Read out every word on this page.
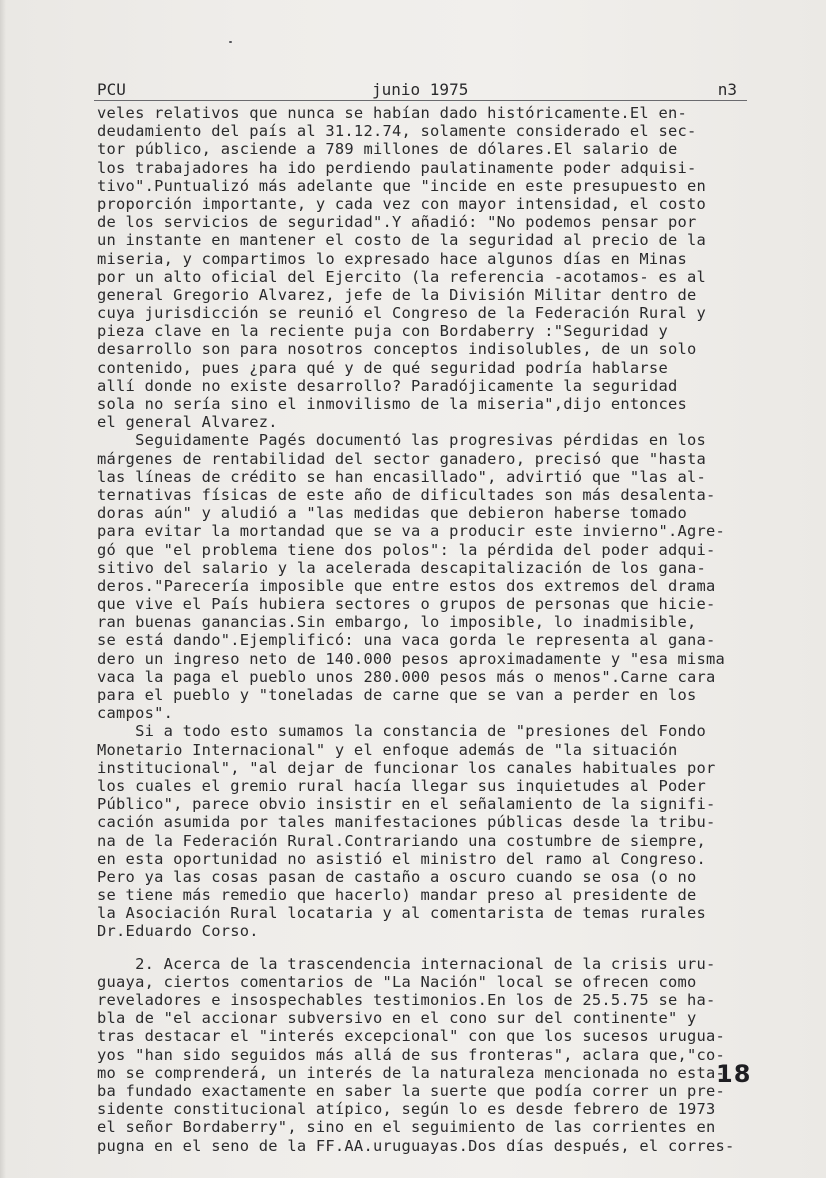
PCU	junio 1975	n3
veles relativos que nunca se habían dado históricamente.El en-
deudamiento del país al 31.12.74, solamente considerado el sec-
tor público, asciende a 789 millones de dólares.El salario de
los trabajadores ha ido perdiendo paulatinamente poder adquisi-
tivo".Puntualizó más adelante que "incide en este presupuesto en
proporción importante, y cada vez con mayor intensidad, el costo
de los servicios de seguridad".Y añadió: "No podemos pensar por
un instante en mantener el costo de la seguridad al precio de la
miseria, y compartimos lo expresado hace algunos días en Minas
por un alto oficial del Ejercito (la referencia -acotamos- es al
general Gregorio Alvarez, jefe de la División Militar dentro de
cuya jurisdicción se reunió el Congreso de la Federación Rural y
pieza clave en la reciente puja con Bordaberry :"Seguridad y
desarrollo son para nosotros conceptos indisolubles, de un solo
contenido, pues ¿para qué y de qué seguridad podría hablarse
allí donde no existe desarrollo? Paradójicamente la seguridad
sola no sería sino el inmovilismo de la miseria",dijo entonces
el general Alvarez.
Seguidamente Pagés documentó las progresivas pérdidas en los
márgenes de rentabilidad del sector ganadero, precisó que "hasta
las líneas de crédito se han encasillado", advirtió que "las al-
ternativas físicas de este año de dificultades son más desalenta-
doras aún" y aludió a "las medidas que debieron haberse tomado
para evitar la mortandad que se va a producir este invierno".Agre-
gó que "el problema tiene dos polos": la pérdida del poder adqui-
sitivo del salario y la acelerada descapitalización de los gana-
deros."Parecería imposible que entre estos dos extremos del drama
que vive el País hubiera sectores o grupos de personas que hicie-
ran buenas ganancias.Sin embargo, lo imposible, lo inadmisible,
se está dando".Ejemplificó: una vaca gorda le representa al gana-
dero un ingreso neto de 140.000 pesos aproximadamente y "esa misma
vaca la paga el pueblo unos 280.000 pesos más o menos".Carne cara
para el pueblo y "toneladas de carne que se van a perder en los
campos".
Si a todo esto sumamos la constancia de "presiones del Fondo
Monetario Internacional" y el enfoque además de "la situación
institucional", "al dejar de funcionar los canales habituales por
los cuales el gremio rural hacía llegar sus inquietudes al Poder
Público", parece obvio insistir en el señalamiento de la signifi-
cación asumida por tales manifestaciones públicas desde la tribu-
na de la Federación Rural.Contrariando una costumbre de siempre,
en esta oportunidad no asistió el ministro del ramo al Congreso.
Pero ya las cosas pasan de castaño a oscuro cuando se osa (o no
se tiene más remedio que hacerlo) mandar preso al presidente de
la Asociación Rural locataria y al comentarista de temas rurales
Dr.Eduardo Corso.
2. Acerca de la trascendencia internacional de la crisis uru-
guaya, ciertos comentarios de "La Nación" local se ofrecen como
reveladores e insospechables testimonios.En los de 25.5.75 se ha-
bla de "el accionar subversivo en el cono sur del continente" y
tras destacar el "interés excepcional" con que los sucesos urugua-
yos "han sido seguidos más allá de sus fronteras", aclara que,"co-
mo se comprenderá, un interés de la naturaleza mencionada no esta-
ba fundado exactamente en saber la suerte que podía correr un pre-
sidente constitucional atípico, según lo es desde febrero de 1973
el señor Bordaberry", sino en el seguimiento de las corrientes en
pugna en el seno de la FF.AA.uruguayas.Dos días después, el corres-
18
